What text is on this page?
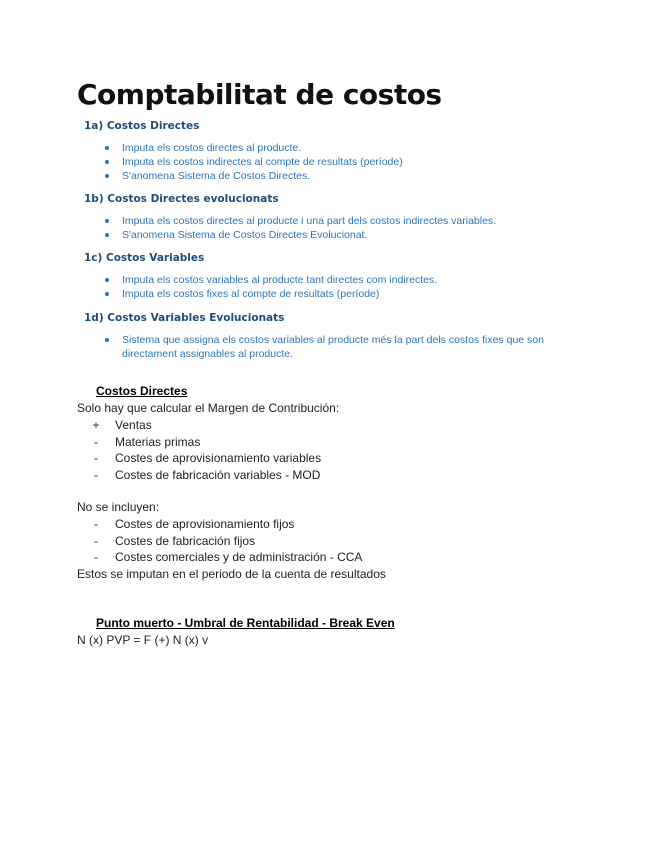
Comptabilitat de costos

1a) Costos Directes

Imputa els costos directes al producte.
Imputa els costos indirectes al compte de resultats (període)
S'anomena Sistema de Costos Directes.

1b) Costos Directes evolucionats

Imputa els costos directes al producte i una part dels costos indirectes variables.
S'anomena Sistema de Costos Directes Evolucionat.

1c) Costos Variables

Imputa els costos variables al producte tant directes com indirectes.
Imputa els costos fixes al compte de resultats (període)

1d) Costos Variables Evolucionats

Sistema que assigna els costos variables al producte més la part dels costos fixes que son directament assignables al producte.

Costos Directes

Solo hay que calcular el Margen de Contribución:

+ Ventas
- Materias primas
- Costes de aprovisionamiento variables
- Costes de fabricación variables - MOD

No se incluyen:

- Costes de aprovisionamiento fijos
- Costes de fabricación fijos
- Costes comerciales y de administración - CCA

Estos se imputan en el periodo de la cuenta de resultados

Punto muerto - Umbral de Rentabilidad - Break Even

N (x) PVP = F (+) N (x) v
